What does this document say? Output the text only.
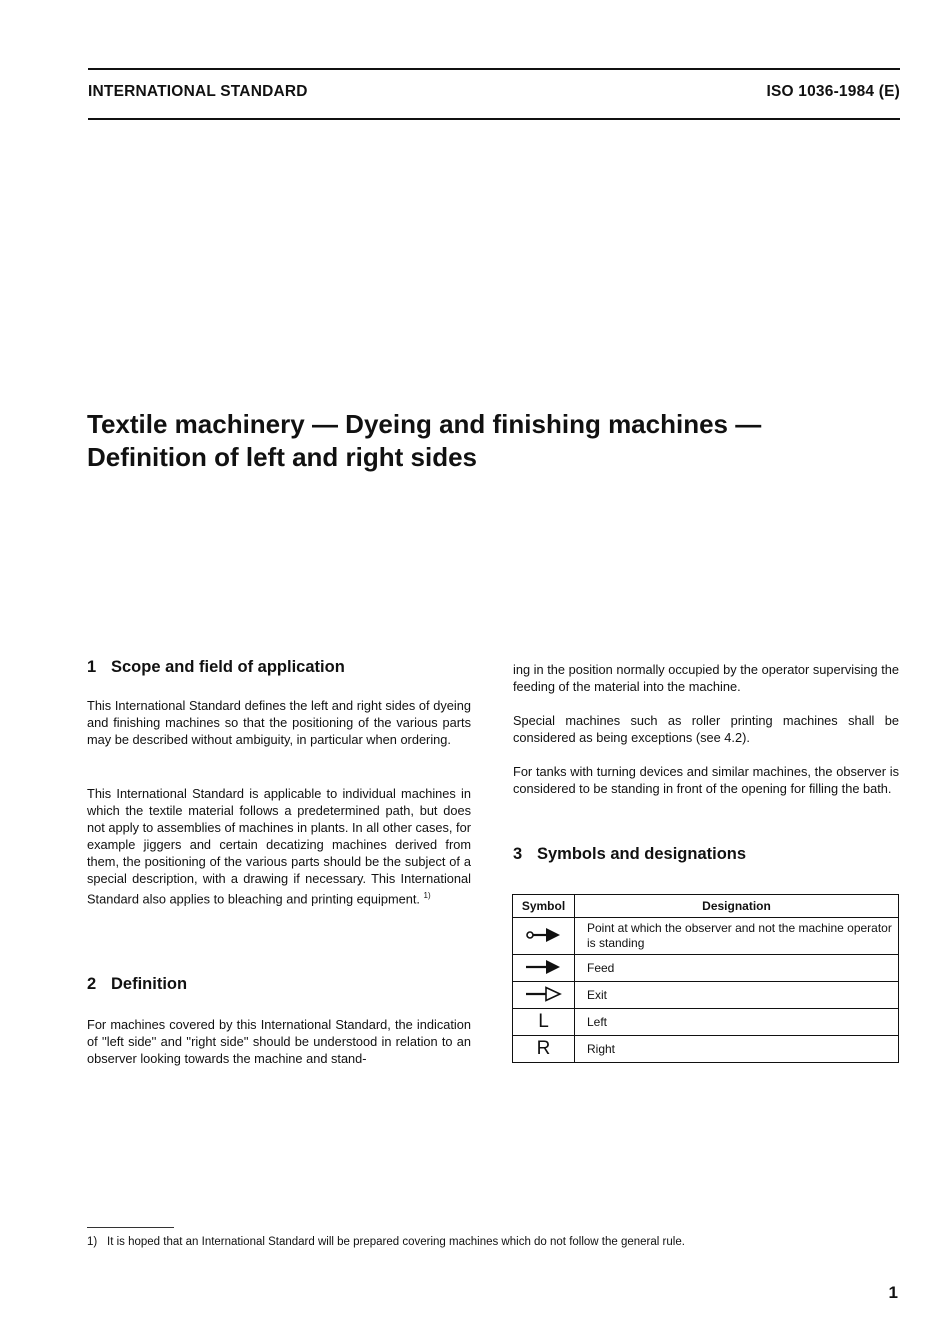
INTERNATIONAL STANDARD	ISO 1036-1984 (E)
Textile machinery — Dyeing and finishing machines —
Definition of left and right sides
1 Scope and field of application

This International Standard defines the left and right sides of dyeing and finishing machines so that the positioning of the various parts may be described without ambiguity, in particular when ordering.

This International Standard is applicable to individual machines in which the textile material follows a predetermined path, but does not apply to assemblies of machines in plants. In all other cases, for example jiggers and certain decatizing machines derived from them, the positioning of the various parts should be the subject of a special description, with a drawing if necessary. This International Standard also applies to bleaching and printing equipment. $^{1)}$

2 Definition

For machines covered by this International Standard, the indication of ''left side'' and ''right side'' should be understood in relation to an observer looking towards the machine and stand-

ing in the position normally occupied by the operator supervising the feeding of the material into the machine.

Special machines such as roller printing machines shall be considered as being exceptions (see 4.2).

For tanks with turning devices and similar machines, the observer is considered to be standing in front of the opening for filling the bath.

3 Symbols and designations
Symbol	Designation
	Point at which the observer and not the machine operator is standing
	Feed
	Exit
L	Left
R	Right
1) It is hoped that an International Standard will be prepared covering machines which do not follow the general rule.
1
